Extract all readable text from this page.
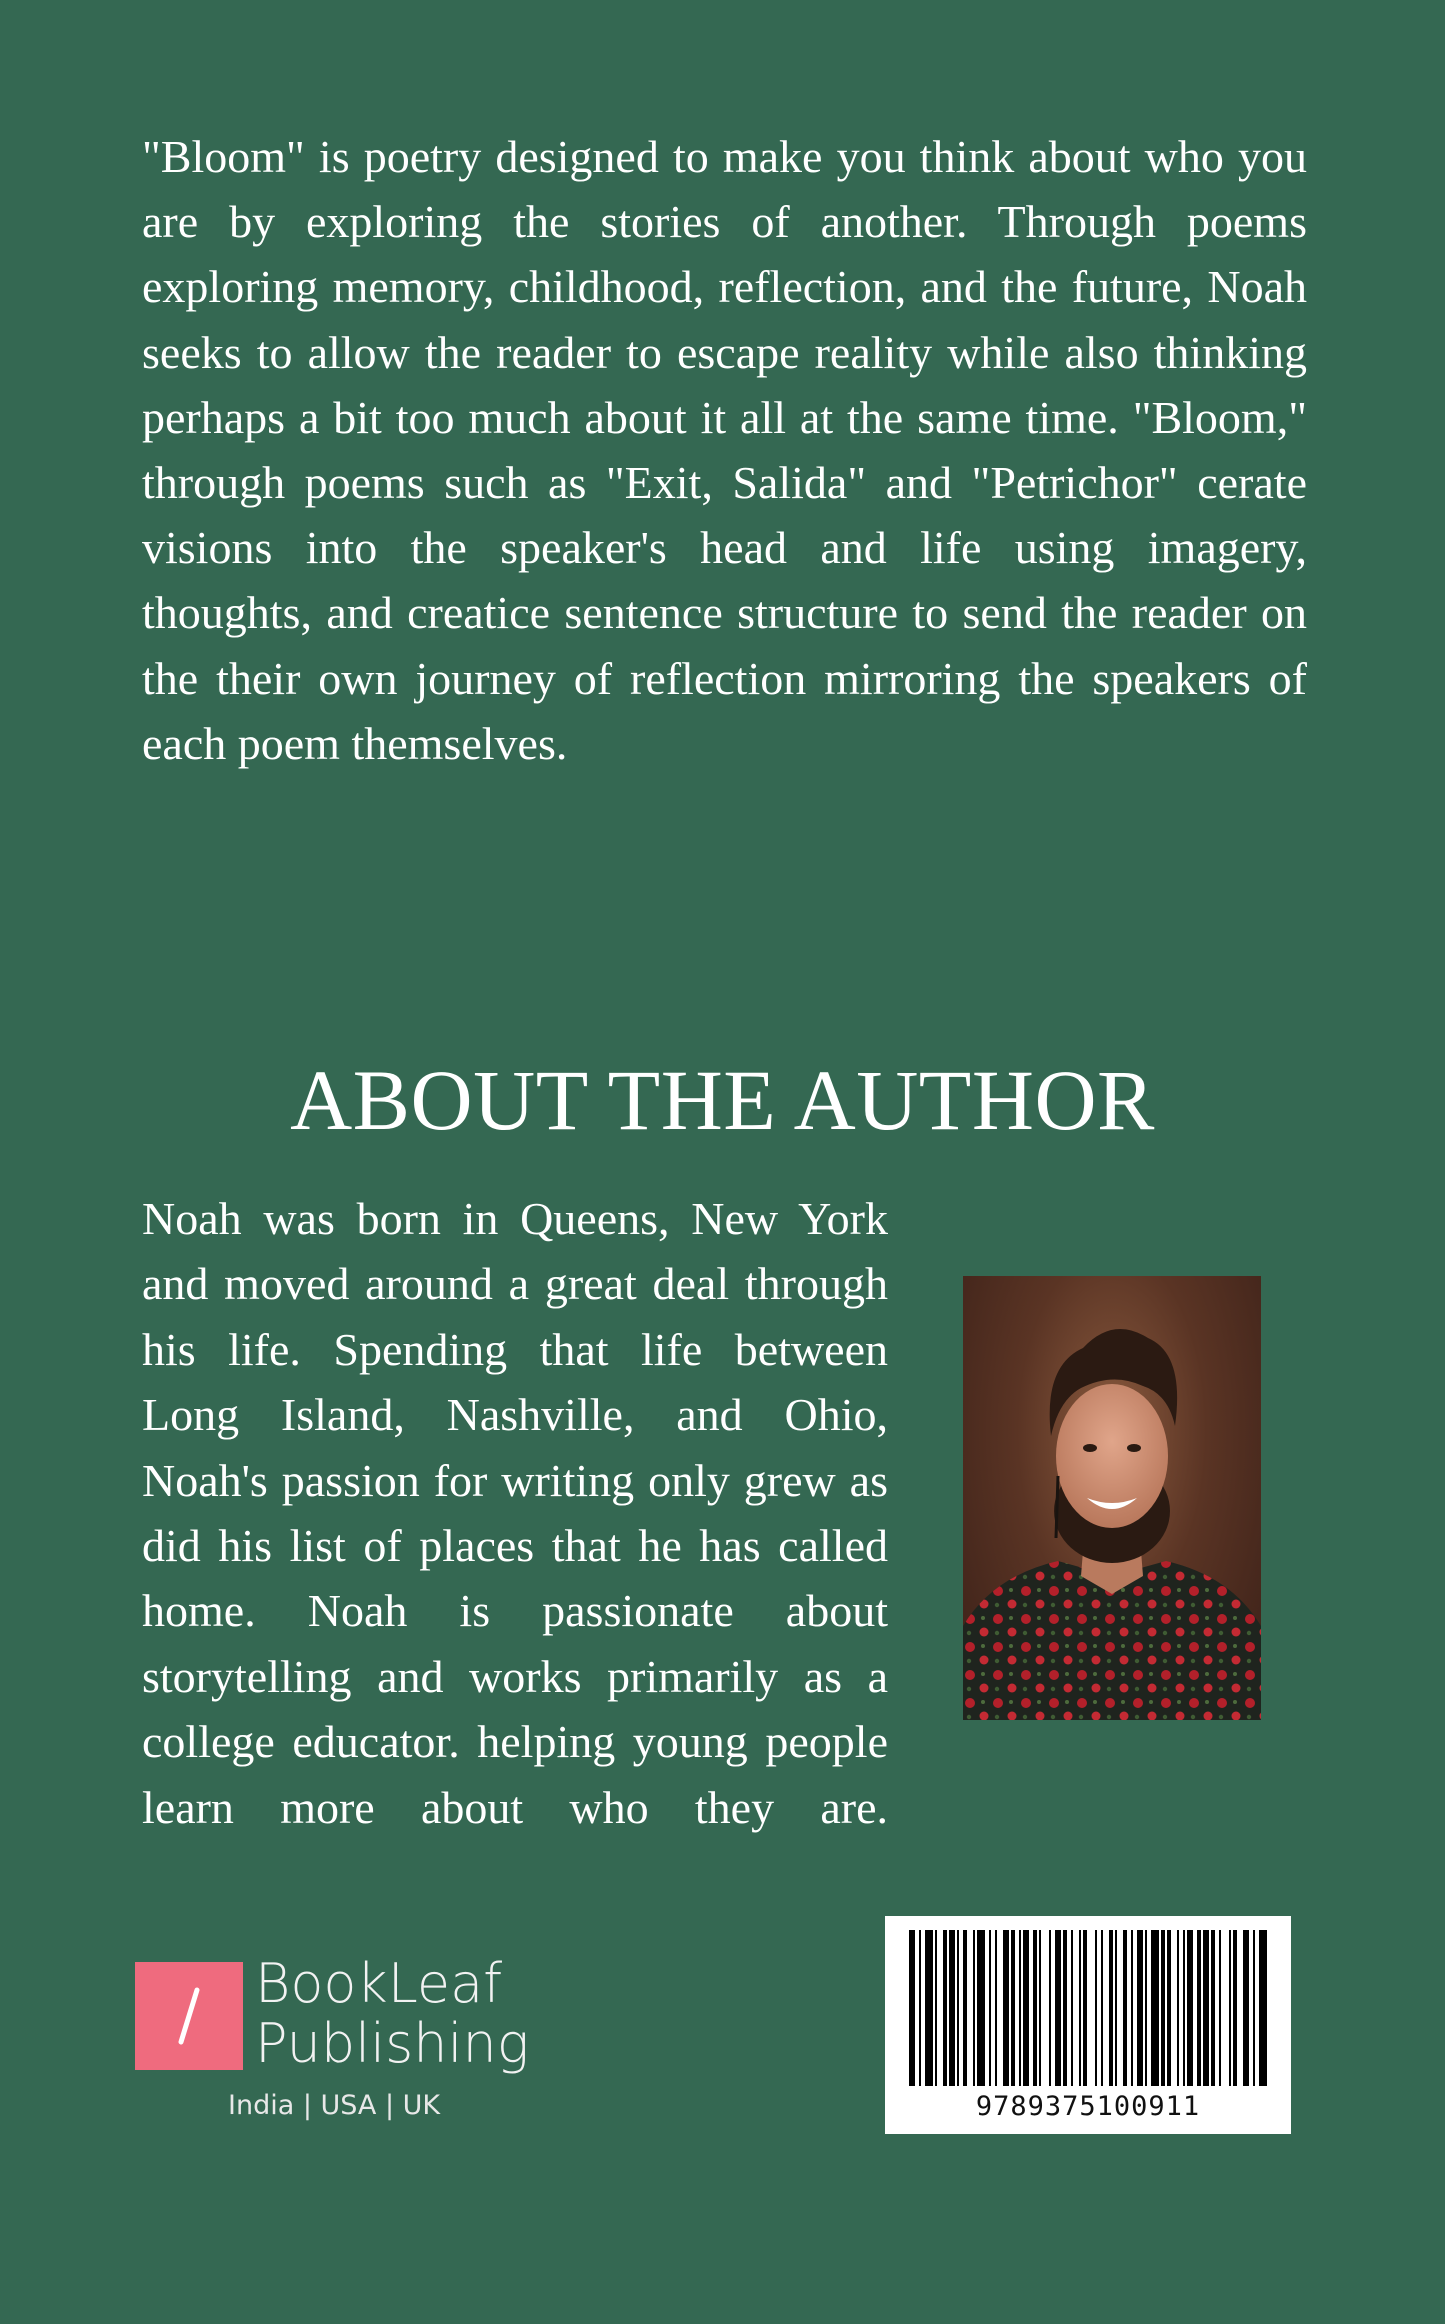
"Bloom" is poetry designed to make you think about who you are by exploring the stories of another. Through poems exploring memory, childhood, reflection, and the future, Noah seeks to allow the reader to escape reality while also thinking perhaps a bit too much about it all at the same time. "Bloom," through poems such as "Exit, Salida" and "Petrichor" cerate visions into the speaker's head and life using imagery, thoughts, and creatice sentence structure to send the reader on the their own journey of reflection mirroring the speakers of each poem themselves.

ABOUT THE AUTHOR

Noah was born in Queens, New York and moved around a great deal through his life. Spending that life between Long Island, Nashville, and Ohio, Noah's passion for writing only grew as did his list of places that he has called home. Noah is passionate about storytelling and works primarily as a college educator. helping young people learn more about who they are.

BookLeaf
Publishing
India | USA | UK	9789375100911
